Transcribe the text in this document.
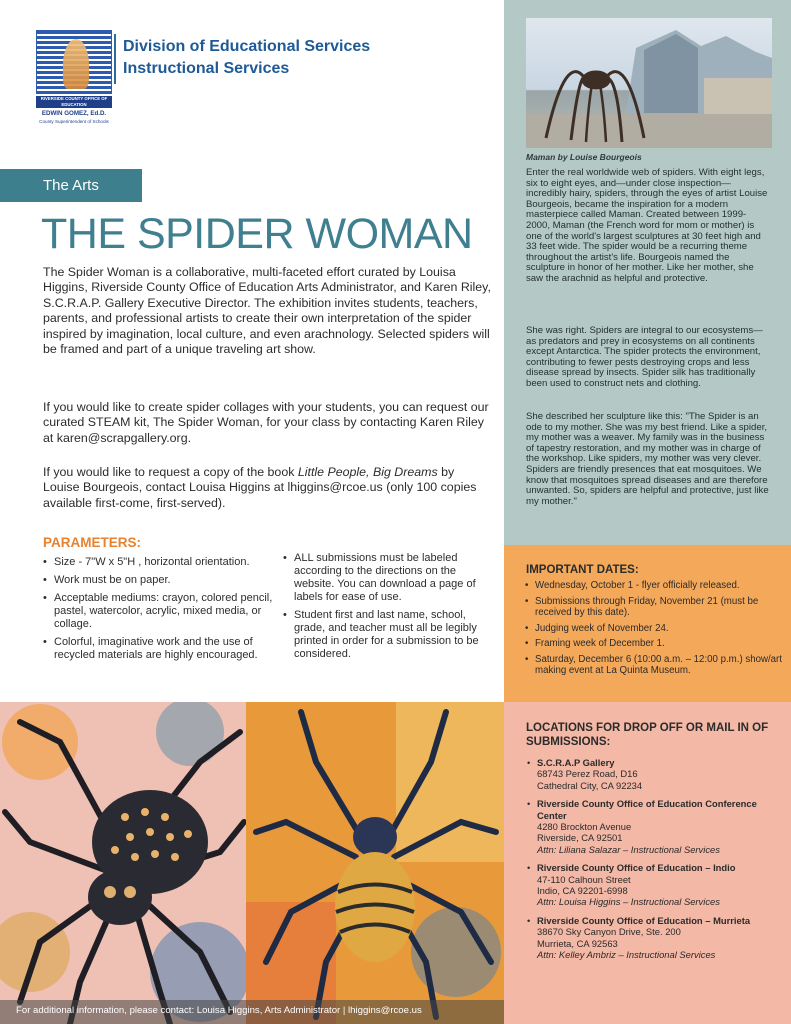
RIVERSIDE COUNTY OFFICE OF EDUCATION
EDWIN GOMEZ, Ed.D.
County Superintendent of Schools
Division of Educational Services
Instructional Services
The Arts
THE SPIDER WOMAN

The Spider Woman is a collaborative, multi-faceted effort curated by Louisa Higgins, Riverside County Office of Education Arts Administrator, and Karen Riley, S.C.R.A.P. Gallery Executive Director. The exhibition invites students, teachers, parents, and professional artists to create their own interpretation of the spider inspired by imagination, local culture, and even arachnology. Selected spiders will be framed and part of a unique traveling art show.

If you would like to create spider collages with your students, you can request our curated STEAM kit, The Spider Woman, for your class by contacting Karen Riley at karen@scrapgallery.org.

If you would like to request a copy of the book Little People, Big Dreams by Louise Bourgeois, contact Louisa Higgins at lhiggins@rcoe.us (only 100 copies available first-come, first-served).

PARAMETERS:
• Size - 7"W x 5"H , horizontal orientation.
• Work must be on paper.
• Acceptable mediums: crayon, colored pencil, pastel, watercolor, acrylic, mixed media, or collage.
• Colorful, imaginative work and the use of recycled materials are highly encouraged.
• ALL submissions must be labeled according to the directions on the website. You can download a page of labels for ease of use.
• Student first and last name, school, grade, and teacher must all be legibly printed in order for a submission to be considered.
Maman by Louise Bourgeois

Enter the real worldwide web of spiders. With eight legs, six to eight eyes, and—under close inspection—incredibly hairy, spiders, through the eyes of artist Louise Bourgeois, became the inspiration for a modern masterpiece called Maman. Created between 1999-2000, Maman (the French word for mom or mother) is one of the world's largest sculptures at 30 feet high and 33 feet wide. The spider would be a recurring theme throughout the artist's life. Bourgeois named the sculpture in honor of her mother. Like her mother, she saw the arachnid as helpful and protective.

She was right. Spiders are integral to our ecosystems—as predators and prey in ecosystems on all continents except Antarctica. The spider protects the environment, contributing to fewer pests destroying crops and less disease spread by insects. Spider silk has traditionally been used to construct nets and clothing.

She described her sculpture like this: "The Spider is an ode to my mother. She was my best friend. Like a spider, my mother was a weaver. My family was in the business of tapestry restoration, and my mother was in charge of the workshop. Like spiders, my mother was very clever. Spiders are friendly presences that eat mosquitoes. We know that mosquitoes spread diseases and are therefore unwanted. So, spiders are helpful and protective, just like my mother."

IMPORTANT DATES:
• Wednesday, October 1 - flyer officially released.
• Submissions through Friday, November 21 (must be received by this date).
• Judging week of November 24.
• Framing week of December 1.
• Saturday, December 6 (10:00 a.m. – 12:00 p.m.) show/art making event at La Quinta Museum.
LOCATIONS FOR DROP OFF OR MAIL IN OF SUBMISSIONS:
• S.C.R.A.P Gallery
68743 Perez Road, D16
Cathedral City, CA 92234
• Riverside County Office of Education Conference Center
4280 Brockton Avenue
Riverside, CA 92501
Attn: Liliana Salazar – Instructional Services
• Riverside County Office of Education – Indio
47-110 Calhoun Street
Indio, CA 92201-6998
Attn: Louisa Higgins – Instructional Services
• Riverside County Office of Education – Murrieta
38670 Sky Canyon Drive, Ste. 200
Murrieta, CA 92563
Attn: Kelley Ambriz – Instructional Services
For additional information, please contact: Louisa Higgins, Arts Administrator | lhiggins@rcoe.us
